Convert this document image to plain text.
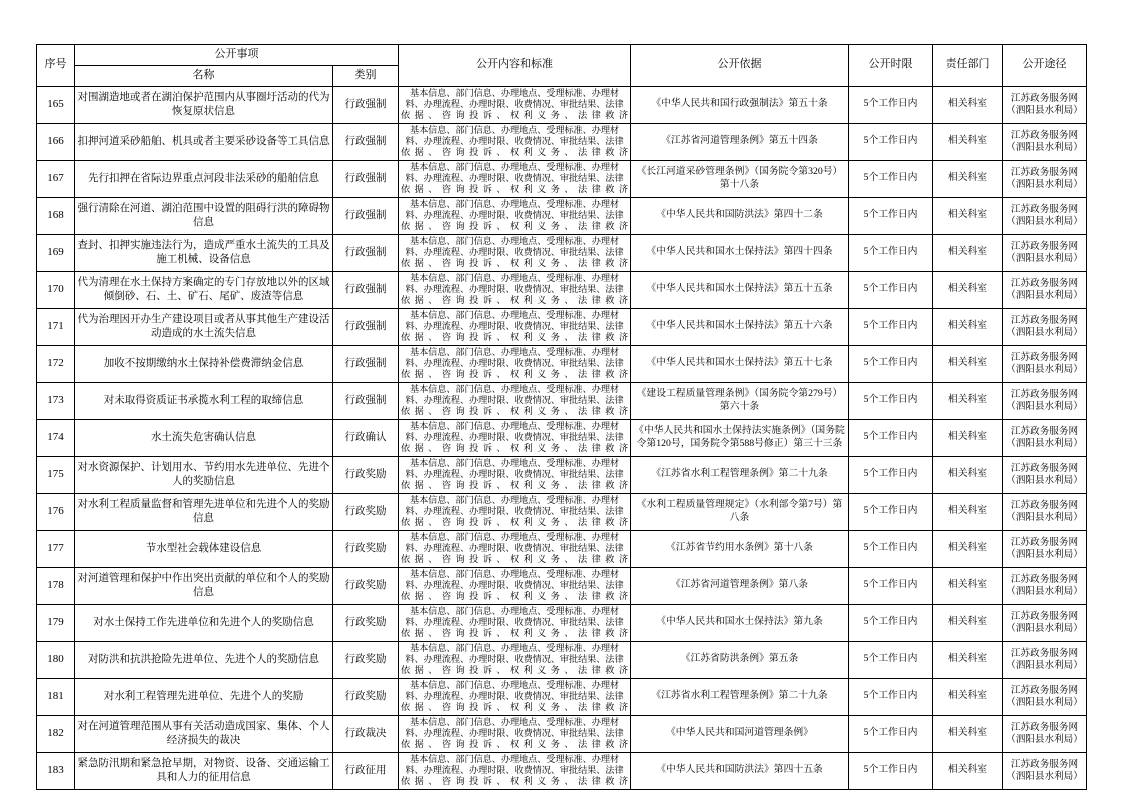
序号	公开事项		公开内容和标准	公开依据	公开时限	责任部门	公开途径
	名称	类别					
165	对围湖造地或者在湖泊保护范围内从事圈圩活动的代为恢复原状信息	行政强制	基本信息、部门信息、办理地点、受理标准、办理材料、办理流程、办理时限、收费情况、审批结果、法律依据、咨询投诉、权利义务、法律救济	《中华人民共和国行政强制法》第五十条	5个工作日内	相关科室	江苏政务服务网
（泗阳县水利局）

166	扣押河道采砂船舶、机具或者主要采砂设备等工具信息	行政强制	基本信息、部门信息、办理地点、受理标准、办理材料、办理流程、办理时限、收费情况、审批结果、法律依据、咨询投诉、权利义务、法律救济	《江苏省河道管理条例》第五十四条	5个工作日内	相关科室	江苏政务服务网
（泗阳县水利局）

167	先行扣押在省际边界重点河段非法采砂的船舶信息	行政强制	基本信息、部门信息、办理地点、受理标准、办理材料、办理流程、办理时限、收费情况、审批结果、法律依据、咨询投诉、权利义务、法律救济	《长江河道采砂管理条例》（国务院令第320号）第十八条	5个工作日内	相关科室	江苏政务服务网
（泗阳县水利局）

168	强行清除在河道、湖泊范围中设置的阻碍行洪的障碍物信息	行政强制	基本信息、部门信息、办理地点、受理标准、办理材料、办理流程、办理时限、收费情况、审批结果、法律依据、咨询投诉、权利义务、法律救济	《中华人民共和国防洪法》第四十二条	5个工作日内	相关科室	江苏政务服务网
（泗阳县水利局）

169	查封、扣押实施违法行为，造成严重水土流失的工具及施工机械、设备信息	行政强制	基本信息、部门信息、办理地点、受理标准、办理材料、办理流程、办理时限、收费情况、审批结果、法律依据、咨询投诉、权利义务、法律救济	《中华人民共和国水土保持法》第四十四条	5个工作日内	相关科室	江苏政务服务网
（泗阳县水利局）

170	代为清理在水土保持方案确定的专门存放地以外的区域倾倒砂、石、土、矿石、尾矿、废渣等信息	行政强制	基本信息、部门信息、办理地点、受理标准、办理材料、办理流程、办理时限、收费情况、审批结果、法律依据、咨询投诉、权利义务、法律救济	《中华人民共和国水土保持法》第五十五条	5个工作日内	相关科室	江苏政务服务网
（泗阳县水利局）

171	代为治理因开办生产建设项目或者从事其他生产建设活动造成的水土流失信息	行政强制	基本信息、部门信息、办理地点、受理标准、办理材料、办理流程、办理时限、收费情况、审批结果、法律依据、咨询投诉、权利义务、法律救济	《中华人民共和国水土保持法》第五十六条	5个工作日内	相关科室	江苏政务服务网
（泗阳县水利局）

172	加收不按期缴纳水土保持补偿费滞纳金信息	行政强制	基本信息、部门信息、办理地点、受理标准、办理材料、办理流程、办理时限、收费情况、审批结果、法律依据、咨询投诉、权利义务、法律救济	《中华人民共和国水土保持法》第五十七条	5个工作日内	相关科室	江苏政务服务网
（泗阳县水利局）

173	对未取得资质证书承揽水利工程的取缔信息	行政强制	基本信息、部门信息、办理地点、受理标准、办理材料、办理流程、办理时限、收费情况、审批结果、法律依据、咨询投诉、权利义务、法律救济	《建设工程质量管理条例》（国务院令第279号）第六十条	5个工作日内	相关科室	江苏政务服务网
（泗阳县水利局）

174	水土流失危害确认信息	行政确认	基本信息、部门信息、办理地点、受理标准、办理材料、办理流程、办理时限、收费情况、审批结果、法律依据、咨询投诉、权利义务、法律救济	《中华人民共和国水土保持法实施条例》（国务院令第120号，国务院令第588号修正）第三十三条	5个工作日内	相关科室	江苏政务服务网
（泗阳县水利局）

175	对水资源保护、计划用水、节约用水先进单位、先进个人的奖励信息	行政奖励	基本信息、部门信息、办理地点、受理标准、办理材料、办理流程、办理时限、收费情况、审批结果、法律依据、咨询投诉、权利义务、法律救济	《江苏省水利工程管理条例》第二十九条	5个工作日内	相关科室	江苏政务服务网
（泗阳县水利局）

176	对水利工程质量监督和管理先进单位和先进个人的奖励信息	行政奖励	基本信息、部门信息、办理地点、受理标准、办理材料、办理流程、办理时限、收费情况、审批结果、法律依据、咨询投诉、权利义务、法律救济	《水利工程质量管理规定》（水利部令第7号）第八条	5个工作日内	相关科室	江苏政务服务网
（泗阳县水利局）

177	节水型社会载体建设信息	行政奖励	基本信息、部门信息、办理地点、受理标准、办理材料、办理流程、办理时限、收费情况、审批结果、法律依据、咨询投诉、权利义务、法律救济	《江苏省节约用水条例》第十八条	5个工作日内	相关科室	江苏政务服务网
（泗阳县水利局）

178	对河道管理和保护中作出突出贡献的单位和个人的奖励信息	行政奖励	基本信息、部门信息、办理地点、受理标准、办理材料、办理流程、办理时限、收费情况、审批结果、法律依据、咨询投诉、权利义务、法律救济	《江苏省河道管理条例》第八条	5个工作日内	相关科室	江苏政务服务网
（泗阳县水利局）

179	对水土保持工作先进单位和先进个人的奖励信息	行政奖励	基本信息、部门信息、办理地点、受理标准、办理材料、办理流程、办理时限、收费情况、审批结果、法律依据、咨询投诉、权利义务、法律救济	《中华人民共和国水土保持法》第九条	5个工作日内	相关科室	江苏政务服务网
（泗阳县水利局）

180	对防洪和抗洪抢险先进单位、先进个人的奖励信息	行政奖励	基本信息、部门信息、办理地点、受理标准、办理材料、办理流程、办理时限、收费情况、审批结果、法律依据、咨询投诉、权利义务、法律救济	《江苏省防洪条例》第五条	5个工作日内	相关科室	江苏政务服务网
（泗阳县水利局）

181	对水利工程管理先进单位、先进个人的奖励	行政奖励	基本信息、部门信息、办理地点、受理标准、办理材料、办理流程、办理时限、收费情况、审批结果、法律依据、咨询投诉、权利义务、法律救济	《江苏省水利工程管理条例》第二十九条	5个工作日内	相关科室	江苏政务服务网
（泗阳县水利局）

182	对在河道管理范围从事有关活动造成国家、集体、个人经济损失的裁决	行政裁决	基本信息、部门信息、办理地点、受理标准、办理材料、办理流程、办理时限、收费情况、审批结果、法律依据、咨询投诉、权利义务、法律救济	《中华人民共和国河道管理条例》	5个工作日内	相关科室	江苏政务服务网
（泗阳县水利局）

183	紧急防汛期和紧急抢早期，对物资、设备、交通运输工具和人力的征用信息	行政征用	基本信息、部门信息、办理地点、受理标准、办理材料、办理流程、办理时限、收费情况、审批结果、法律依据、咨询投诉、权利义务、法律救济	《中华人民共和国防洪法》第四十五条	5个工作日内	相关科室	江苏政务服务网
（泗阳县水利局）
